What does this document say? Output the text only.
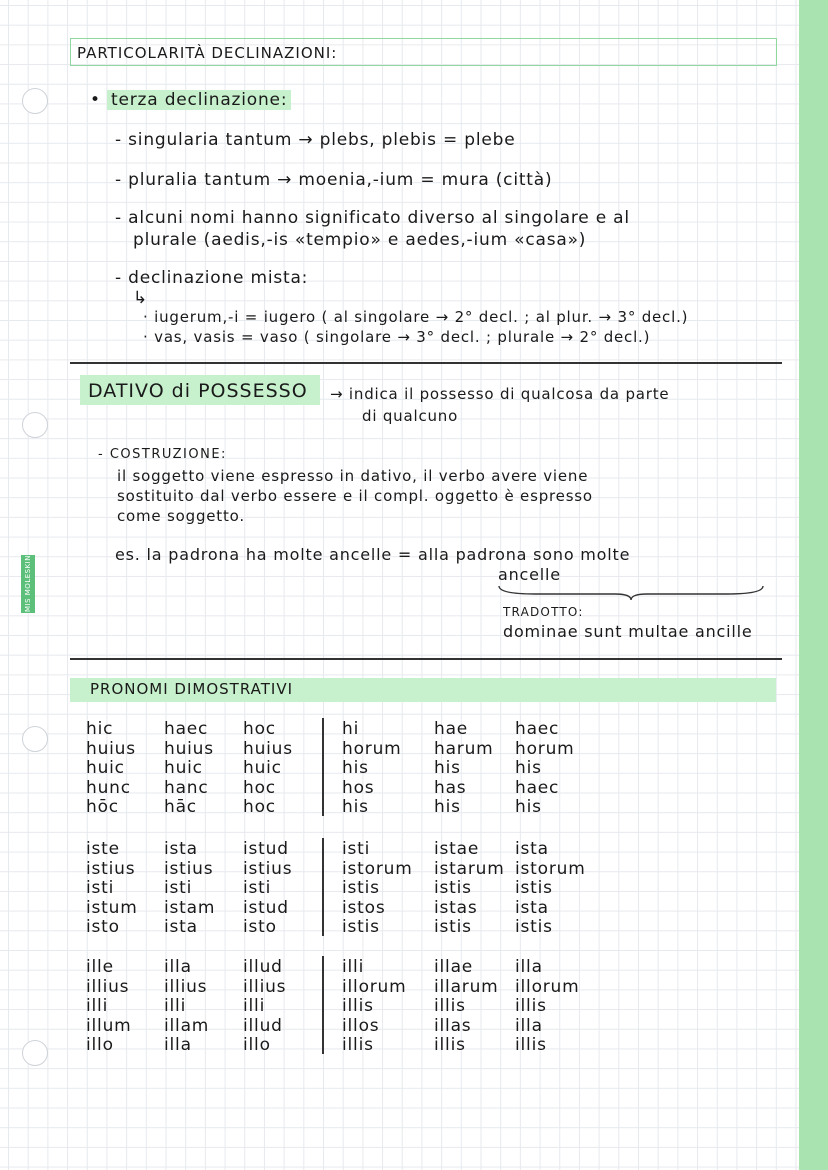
MIS MOLESKIN
PARTICOLARITÀ DECLINAZIONI:
• terza declinazione:
- singularia tantum → plebs, plebis = plebe
- pluralia tantum → moenia,-ium = mura (città)
- alcuni nomi hanno significato diverso al singolare e al
plurale (aedis,-is «tempio» e aedes,-ium «casa»)
- declinazione mista:
↳
· iugerum,-i = iugero ( al singolare → 2° decl. ; al plur. → 3° decl.)
· vas, vasis = vaso ( singolare → 3° decl. ; plurale → 2° decl.)
DATIVO di POSSESSO → indica il possesso di qualcosa da parte
di qualcuno
- COSTRUZIONE:
il soggetto viene espresso in dativo, il verbo avere viene
sostituito dal verbo essere e il compl. oggetto è espresso
come soggetto.
es. la padrona ha molte ancelle = alla padrona sono molte
ancelle
TRADOTTO:
dominae sunt multae ancille
PRONOMI DIMOSTRATIVI
hic
huius
huic
hunc
hōc
haec
huius
huic
hanc
hāc
hoc
huius
huic
hoc
hoc
hi
horum
his
hos
his
hae
harum
his
has
his
haec
horum
his
haec
his
iste
istius
isti
istum
isto
ista
istius
isti
istam
ista
istud
istius
isti
istud
isto
isti
istorum
istis
istos
istis
istae
istarum
istis
istas
istis
ista
istorum
istis
ista
istis
ille
illius
illi
illum
illo
illa
illius
illi
illam
illa
illud
illius
illi
illud
illo
illi
illorum
illis
illos
illis
illae
illarum
illis
illas
illis
illa
illorum
illis
illa
illis
